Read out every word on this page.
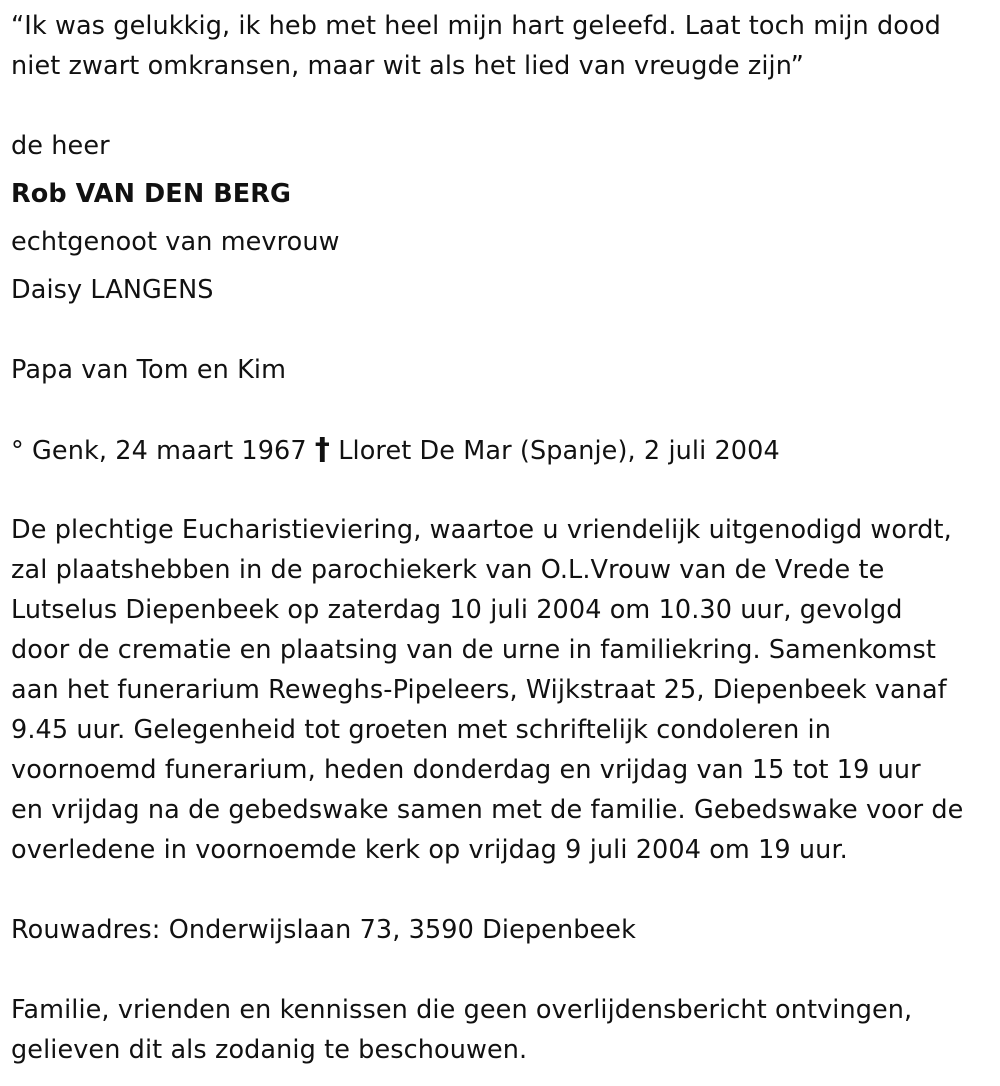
“Ik was gelukkig, ik heb met heel mijn hart geleefd. Laat toch mijn dood
niet zwart omkransen, maar wit als het lied van vreugde zijn”
de heer
Rob VAN DEN BERG
echtgenoot van mevrouw
Daisy LANGENS
Papa van Tom en Kim
° Genk, 24 maart 1967 † Lloret De Mar (Spanje), 2 juli 2004
De plechtige Eucharistieviering, waartoe u vriendelijk uitgenodigd wordt,
zal plaatshebben in de parochiekerk van O.L.Vrouw van de Vrede te
Lutselus Diepenbeek op zaterdag 10 juli 2004 om 10.30 uur, gevolgd
door de crematie en plaatsing van de urne in familiekring. Samenkomst
aan het funerarium Reweghs-Pipeleers, Wijkstraat 25, Diepenbeek vanaf
9.45 uur. Gelegenheid tot groeten met schriftelijk condoleren in
voornoemd funerarium, heden donderdag en vrijdag van 15 tot 19 uur
en vrijdag na de gebedswake samen met de familie. Gebedswake voor de
overledene in voornoemde kerk op vrijdag 9 juli 2004 om 19 uur.
Rouwadres: Onderwijslaan 73, 3590 Diepenbeek
Familie, vrienden en kennissen die geen overlijdensbericht ontvingen,
gelieven dit als zodanig te beschouwen.
